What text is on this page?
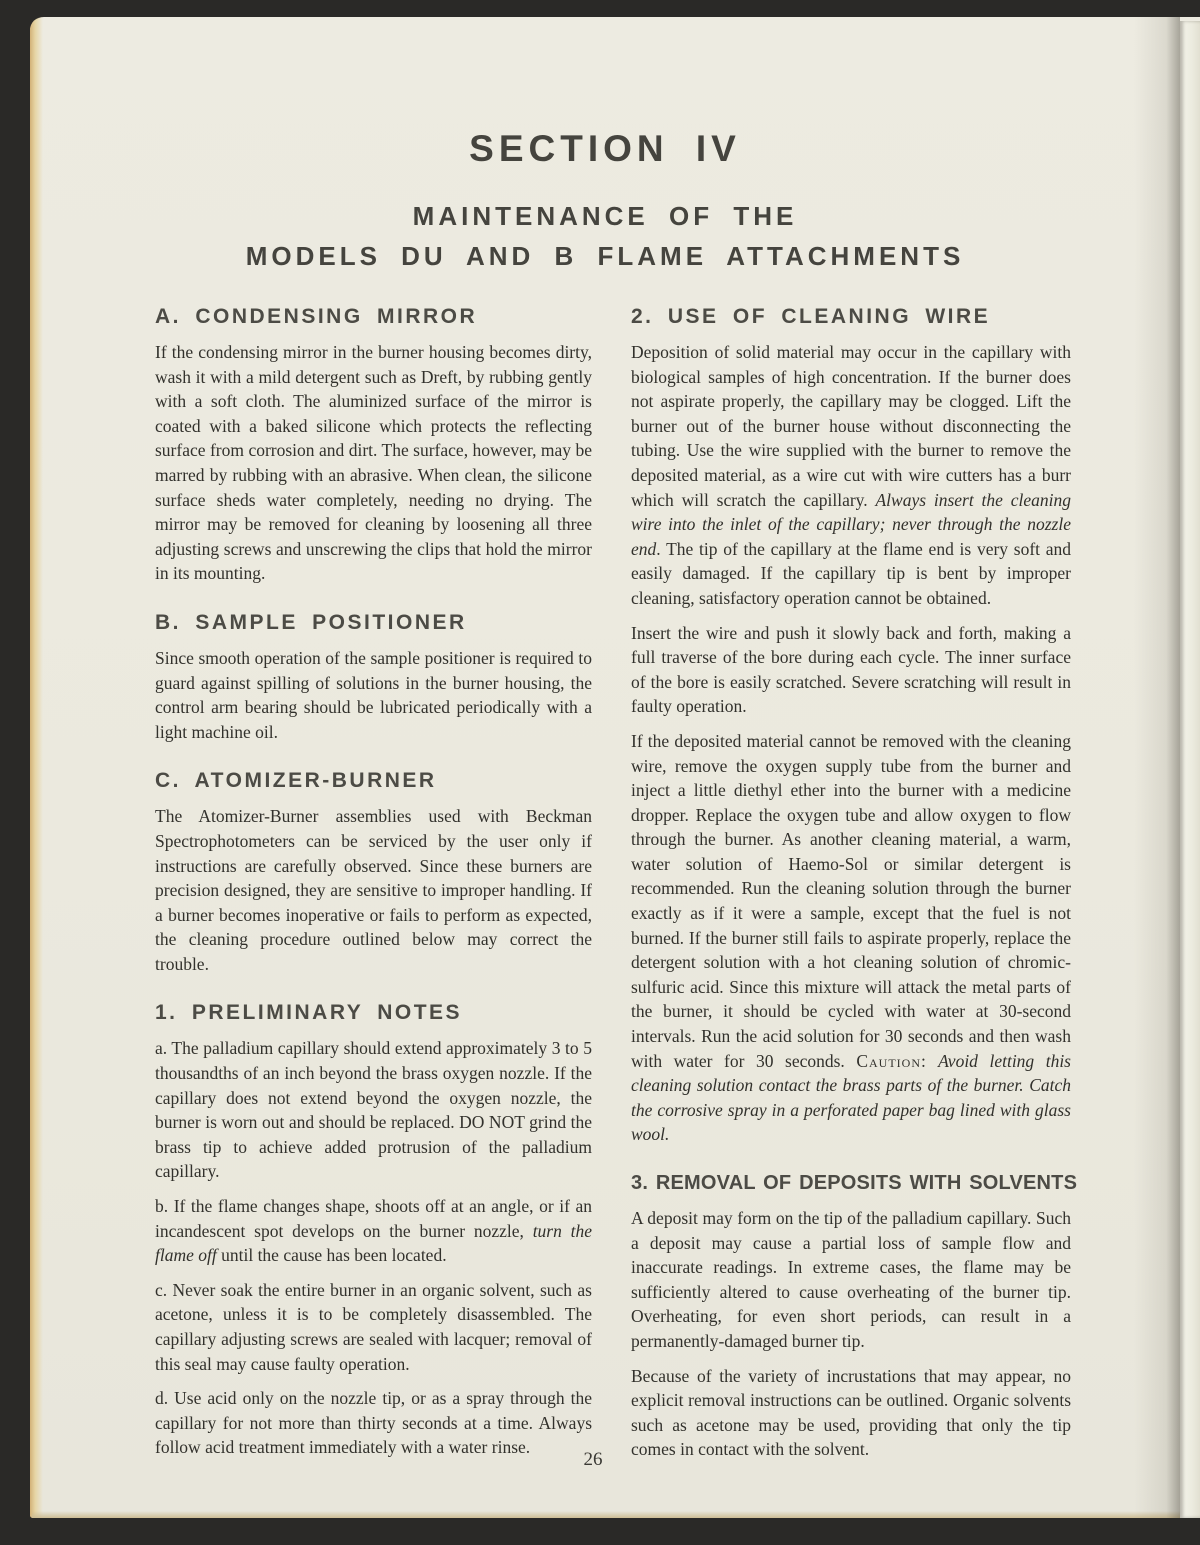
SECTION IV
MAINTENANCE OF THE
MODELS DU AND B FLAME ATTACHMENTS
A. CONDENSING MIRROR

If the condensing mirror in the burner housing becomes dirty, wash it with a mild detergent such as Dreft, by rubbing gently with a soft cloth. The aluminized surface of the mirror is coated with a baked silicone which protects the reflecting surface from corrosion and dirt. The surface, however, may be marred by rubbing with an abrasive. When clean, the silicone surface sheds water completely, needing no drying. The mirror may be removed for cleaning by loosening all three adjusting screws and unscrewing the clips that hold the mirror in its mounting.

B. SAMPLE POSITIONER

Since smooth operation of the sample positioner is required to guard against spilling of solutions in the burner housing, the control arm bearing should be lubricated periodically with a light machine oil.

C. ATOMIZER-BURNER

The Atomizer-Burner assemblies used with Beckman Spectrophotometers can be serviced by the user only if instructions are carefully observed. Since these burners are precision designed, they are sensitive to improper handling. If a burner becomes inoperative or fails to perform as expected, the cleaning procedure outlined below may correct the trouble.

1. PRELIMINARY NOTES

a. The palladium capillary should extend approximately 3 to 5 thousandths of an inch beyond the brass oxygen nozzle. If the capillary does not extend beyond the oxygen nozzle, the burner is worn out and should be replaced. DO NOT grind the brass tip to achieve added protrusion of the palladium capillary.

b. If the flame changes shape, shoots off at an angle, or if an incandescent spot develops on the burner nozzle, turn the flame off until the cause has been located.

c. Never soak the entire burner in an organic solvent, such as acetone, unless it is to be completely disassembled. The capillary adjusting screws are sealed with lacquer; removal of this seal may cause faulty operation.

d. Use acid only on the nozzle tip, or as a spray through the capillary for not more than thirty seconds at a time. Always follow acid treatment immediately with a water rinse.

2. USE OF CLEANING WIRE

Deposition of solid material may occur in the capillary with biological samples of high concentration. If the burner does not aspirate properly, the capillary may be clogged. Lift the burner out of the burner house without disconnecting the tubing. Use the wire supplied with the burner to remove the deposited material, as a wire cut with wire cutters has a burr which will scratch the capillary. Always insert the cleaning wire into the inlet of the capillary; never through the nozzle end. The tip of the capillary at the flame end is very soft and easily damaged. If the capillary tip is bent by improper cleaning, satisfactory operation cannot be obtained.

Insert the wire and push it slowly back and forth, making a full traverse of the bore during each cycle. The inner surface of the bore is easily scratched. Severe scratching will result in faulty operation.

If the deposited material cannot be removed with the cleaning wire, remove the oxygen supply tube from the burner and inject a little diethyl ether into the burner with a medicine dropper. Replace the oxygen tube and allow oxygen to flow through the burner. As another cleaning material, a warm, water solution of Haemo-Sol or similar detergent is recommended. Run the cleaning solution through the burner exactly as if it were a sample, except that the fuel is not burned. If the burner still fails to aspirate properly, replace the detergent solution with a hot cleaning solution of chromic-sulfuric acid. Since this mixture will attack the metal parts of the burner, it should be cycled with water at 30-second intervals. Run the acid solution for 30 seconds and then wash with water for 30 seconds. Caution: Avoid letting this cleaning solution contact the brass parts of the burner. Catch the corrosive spray in a perforated paper bag lined with glass wool.

3. REMOVAL OF DEPOSITS WITH SOLVENTS

A deposit may form on the tip of the palladium capillary. Such a deposit may cause a partial loss of sample flow and inaccurate readings. In extreme cases, the flame may be sufficiently altered to cause overheating of the burner tip. Overheating, for even short periods, can result in a permanently-damaged burner tip.

Because of the variety of incrustations that may appear, no explicit removal instructions can be outlined. Organic solvents such as acetone may be used, providing that only the tip comes in contact with the solvent.

26
